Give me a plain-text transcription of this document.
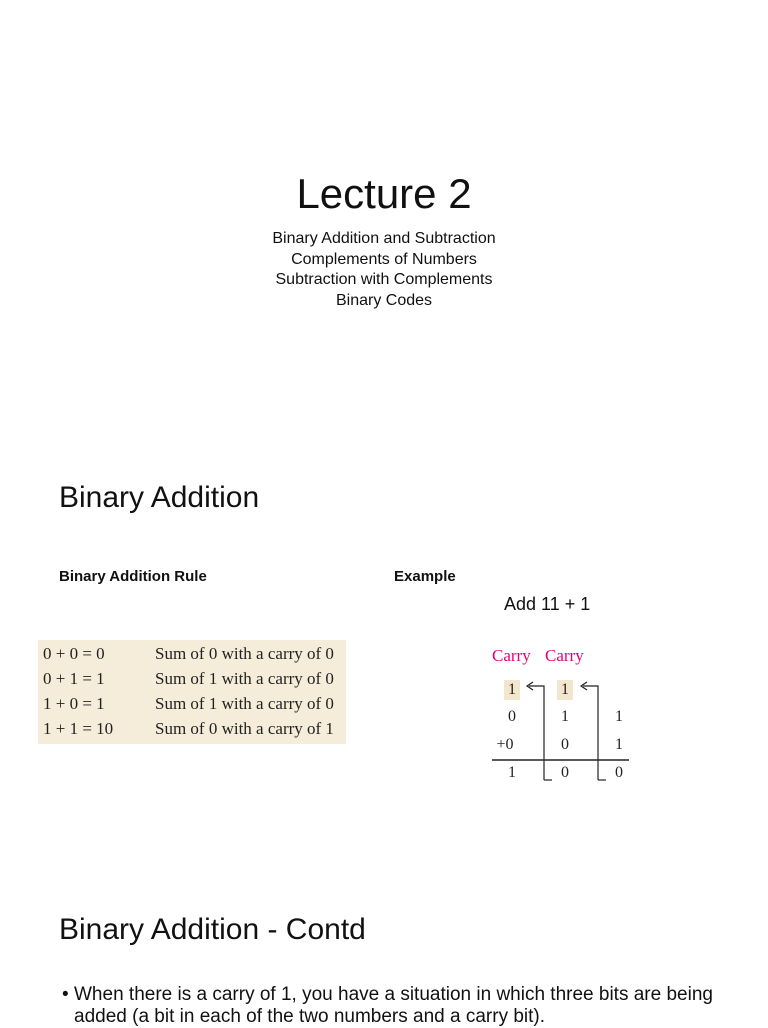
Lecture 2
Binary Addition and Subtraction
Complements of Numbers
Subtraction with Complements
Binary Codes
Binary Addition
Binary Addition Rule	Example
Add 11 + 1
0 + 0 = 0	Sum of 0 with a carry of 0
0 + 1 = 1	Sum of 1 with a carry of 0
1 + 0 = 1	Sum of 1 with a carry of 0
1 + 1 = 10 Sum of 0 with a carry of 1
Carry Carry
1	1
0	1	1
+0	0	1
1	0	0
Binary Addition - Contd
• When there is a carry of 1, you have a situation in which three bits are being added (a bit in each of the two numbers and a carry bit).
